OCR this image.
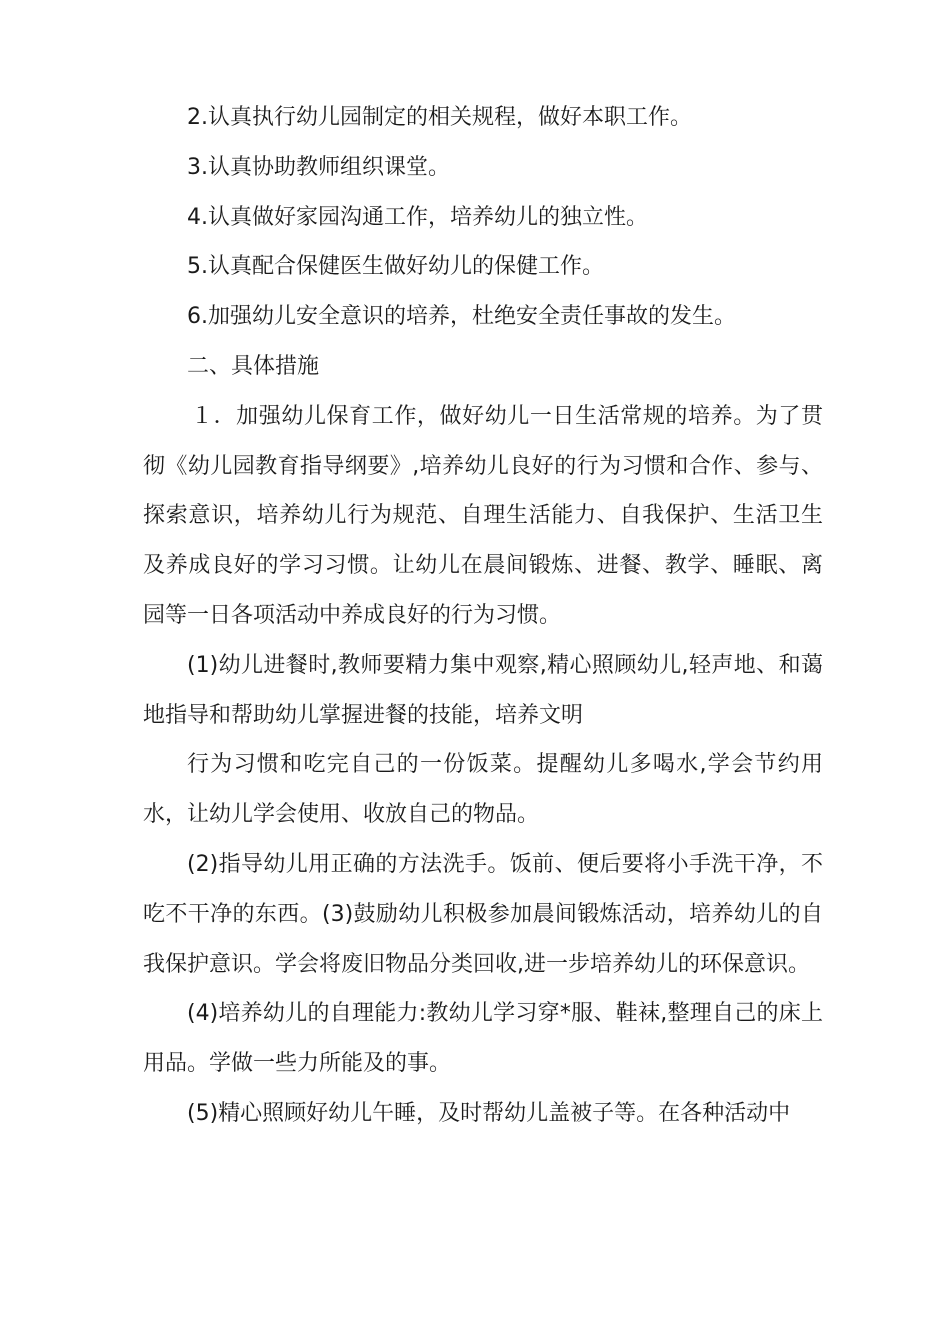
2.认真执行幼儿园制定的相关规程，做好本职工作。

3.认真协助教师组织课堂。

4.认真做好家园沟通工作，培养幼儿的独立性。

5.认真配合保健医生做好幼儿的保健工作。

6.加强幼儿安全意识的培养，杜绝安全责任事故的发生。

二、具体措施

１．加强幼儿保育工作，做好幼儿一日生活常规的培养。为了贯彻《幼儿园教育指导纲要》,培养幼儿良好的行为习惯和合作、参与、探索意识，培养幼儿行为规范、自理生活能力、自我保护、生活卫生及养成良好的学习习惯。让幼儿在晨间锻炼、进餐、教学、睡眠、离园等一日各项活动中养成良好的行为习惯。

(1)幼儿进餐时,教师要精力集中观察,精心照顾幼儿,轻声地、和蔼地指导和帮助幼儿掌握进餐的技能，培养文明

行为习惯和吃完自己的一份饭菜。提醒幼儿多喝水,学会节约用水，让幼儿学会使用、收放自己的物品。

(2)指导幼儿用正确的方法洗手。饭前、便后要将小手洗干净，不吃不干净的东西。(3)鼓励幼儿积极参加晨间锻炼活动，培养幼儿的自我保护意识。学会将废旧物品分类回收,进一步培养幼儿的环保意识。

(4)培养幼儿的自理能力:教幼儿学习穿*服、鞋袜,整理自己的床上用品。学做一些力所能及的事。

(5)精心照顾好幼儿午睡，及时帮幼儿盖被子等。在各种活动中
